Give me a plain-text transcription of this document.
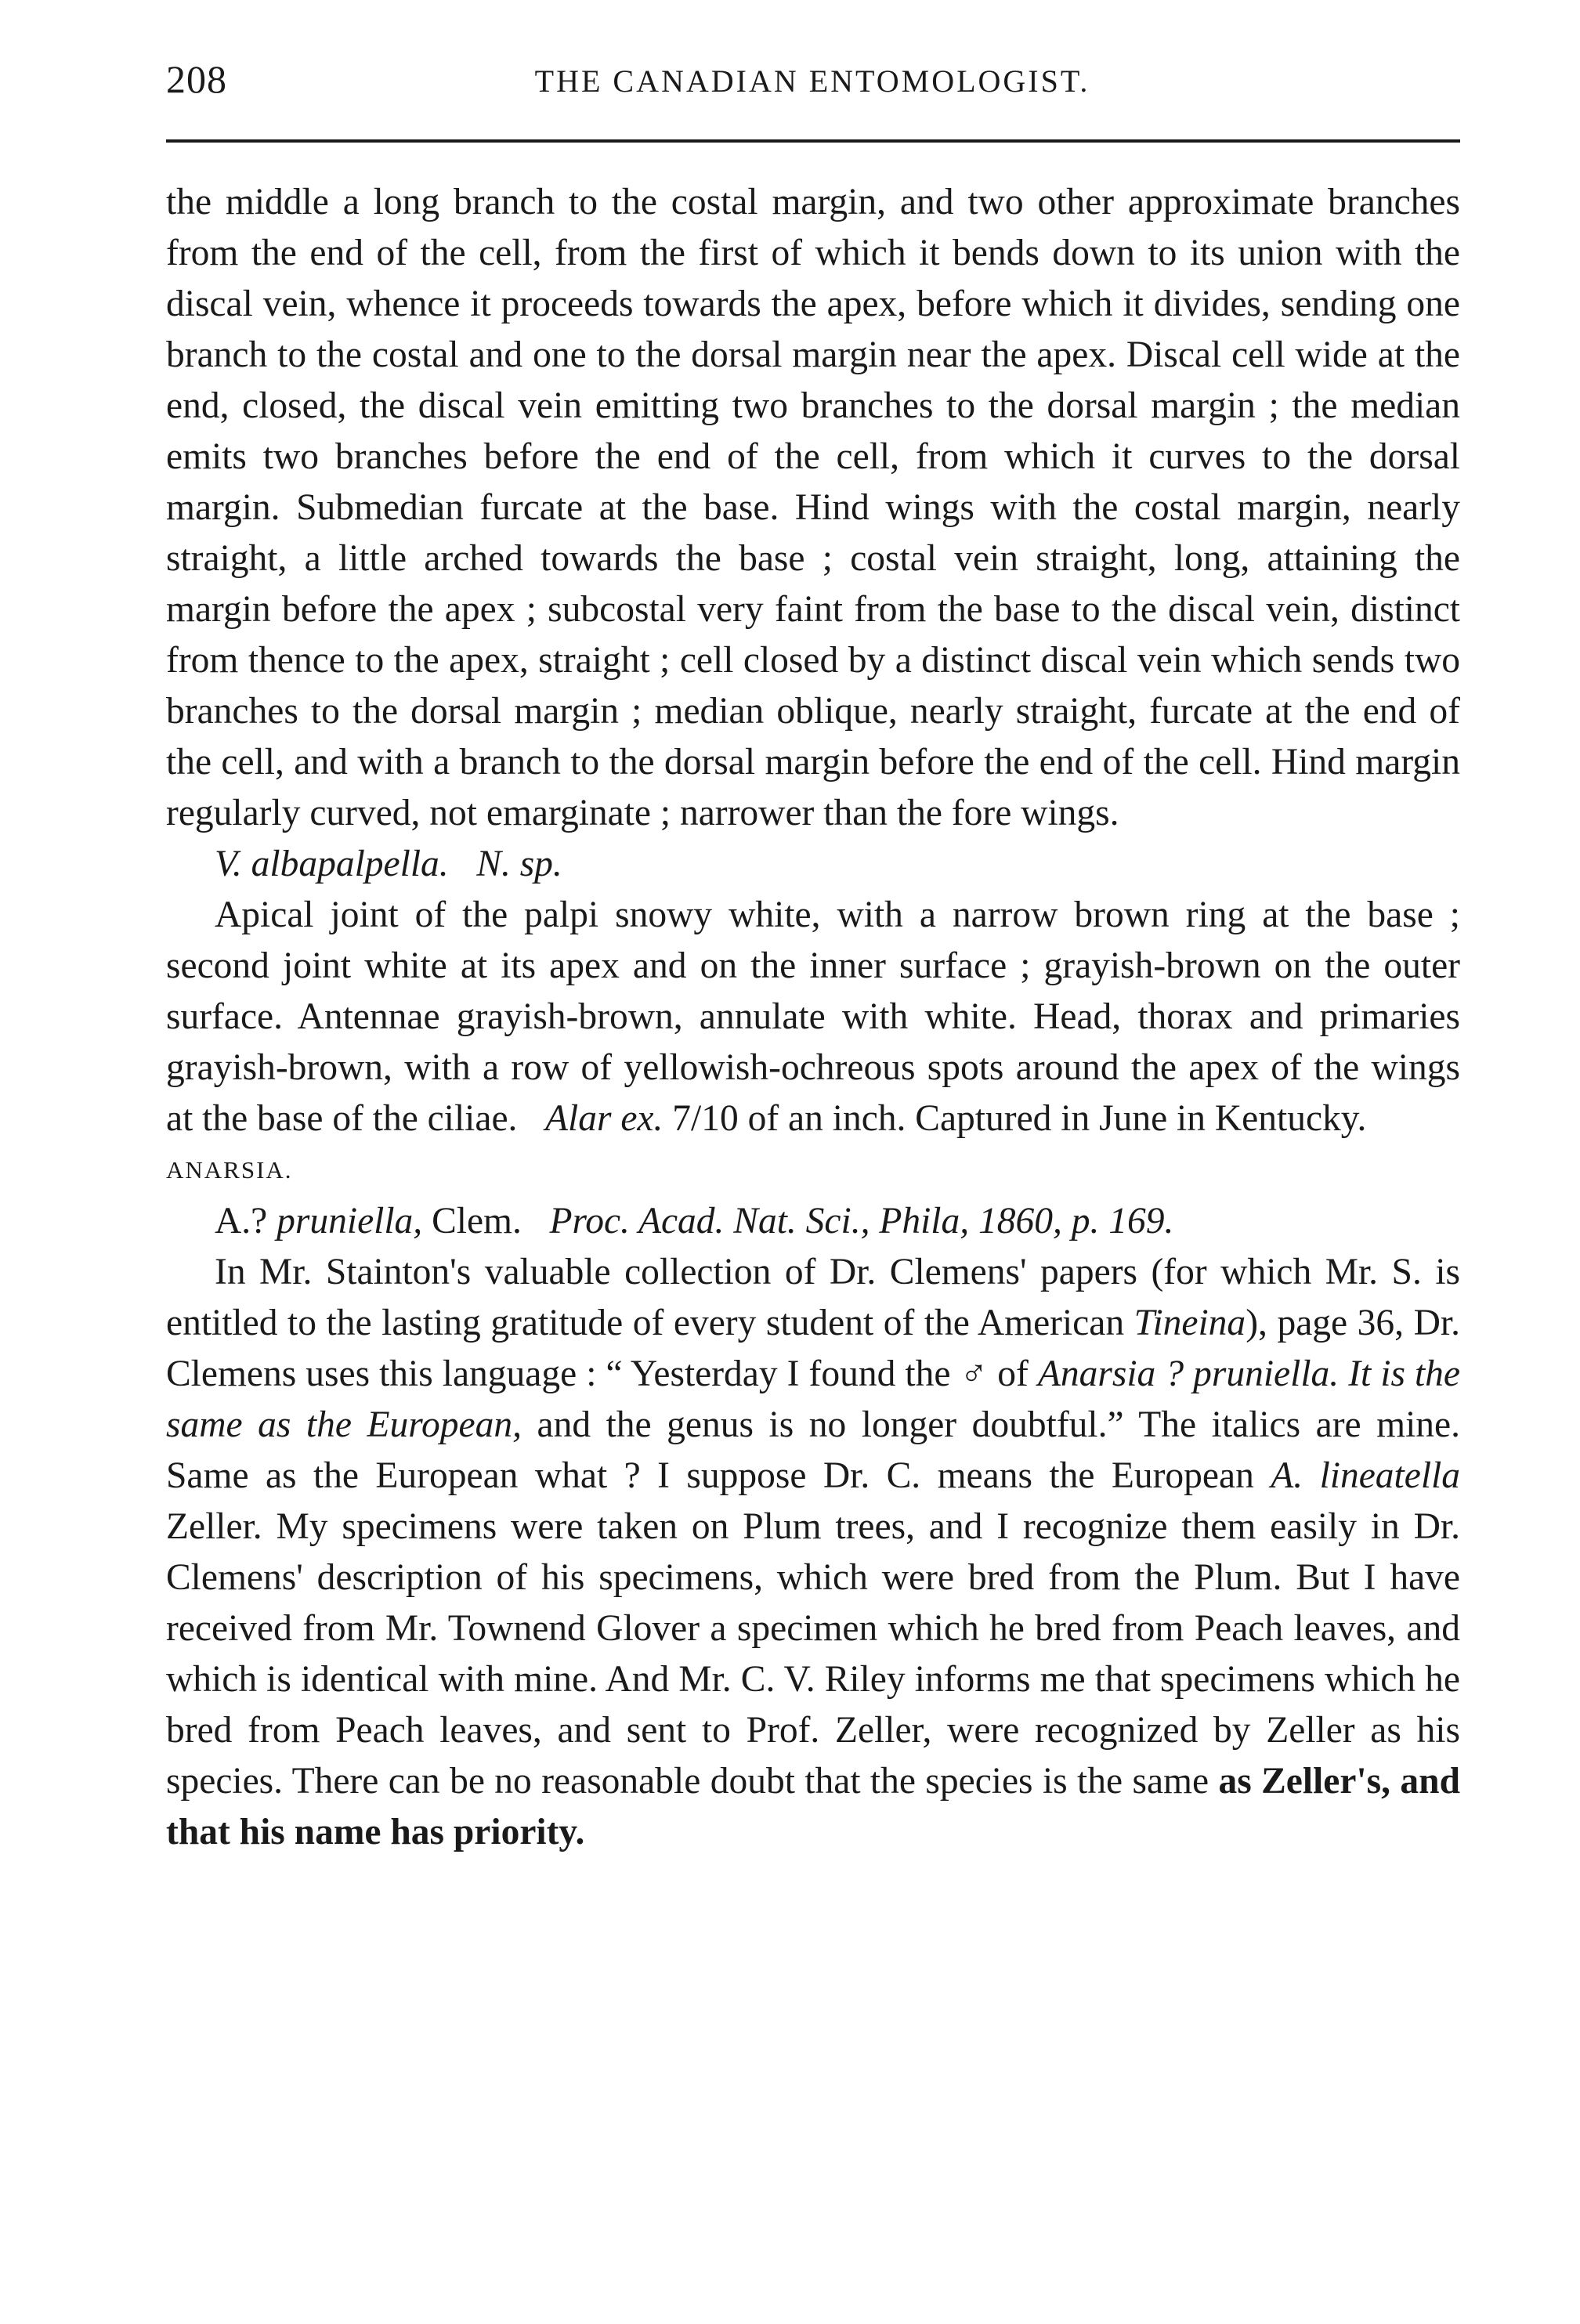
208	THE CANADIAN ENTOMOLOGIST.

the middle a long branch to the costal margin, and two other approximate branches from the end of the cell, from the first of which it bends down to its union with the discal vein, whence it proceeds towards the apex, before which it divides, sending one branch to the costal and one to the dorsal margin near the apex. Discal cell wide at the end, closed, the discal vein emitting two branches to the dorsal margin ; the median emits two branches before the end of the cell, from which it curves to the dorsal margin. Submedian furcate at the base. Hind wings with the costal margin, nearly straight, a little arched towards the base ; costal vein straight, long, attaining the margin before the apex ; subcostal very faint from the base to the discal vein, distinct from thence to the apex, straight ; cell closed by a distinct discal vein which sends two branches to the dorsal margin ; median oblique, nearly straight, furcate at the end of the cell, and with a branch to the dorsal margin before the end of the cell. Hind margin regularly curved, not emarginate ; narrower than the fore wings.

V. albapalpella. N. sp.

Apical joint of the palpi snowy white, with a narrow brown ring at the base ; second joint white at its apex and on the inner surface ; grayish-brown on the outer surface. Antennae grayish-brown, annulate with white. Head, thorax and primaries grayish-brown, with a row of yellowish-ochreous spots around the apex of the wings at the base of the ciliae. Alar ex. 7/10 of an inch. Captured in June in Kentucky.

ANARSIA.

A.? pruniella, Clem.   Proc. Acad. Nat. Sci., Phila, 1860, p. 169.

In Mr. Stainton's valuable collection of Dr. Clemens' papers (for which Mr. S. is entitled to the lasting gratitude of every student of the American Tineina), page 36, Dr. Clemens uses this language : “ Yesterday I found the ♂ of Anarsia ? pruniella. It is the same as the European, and the genus is no longer doubtful.” The italics are mine. Same as the European what ? I suppose Dr. C. means the European A. lineatella Zeller. My specimens were taken on Plum trees, and I recognize them easily in Dr. Clemens' description of his specimens, which were bred from the Plum. But I have received from Mr. Townend Glover a specimen which he bred from Peach leaves, and which is identical with mine. And Mr. C. V. Riley informs me that specimens which he bred from Peach leaves, and sent to Prof. Zeller, were recognized by Zeller as his species. There can be no reasonable doubt that the species is the same as Zeller's, and that his name has priority.
